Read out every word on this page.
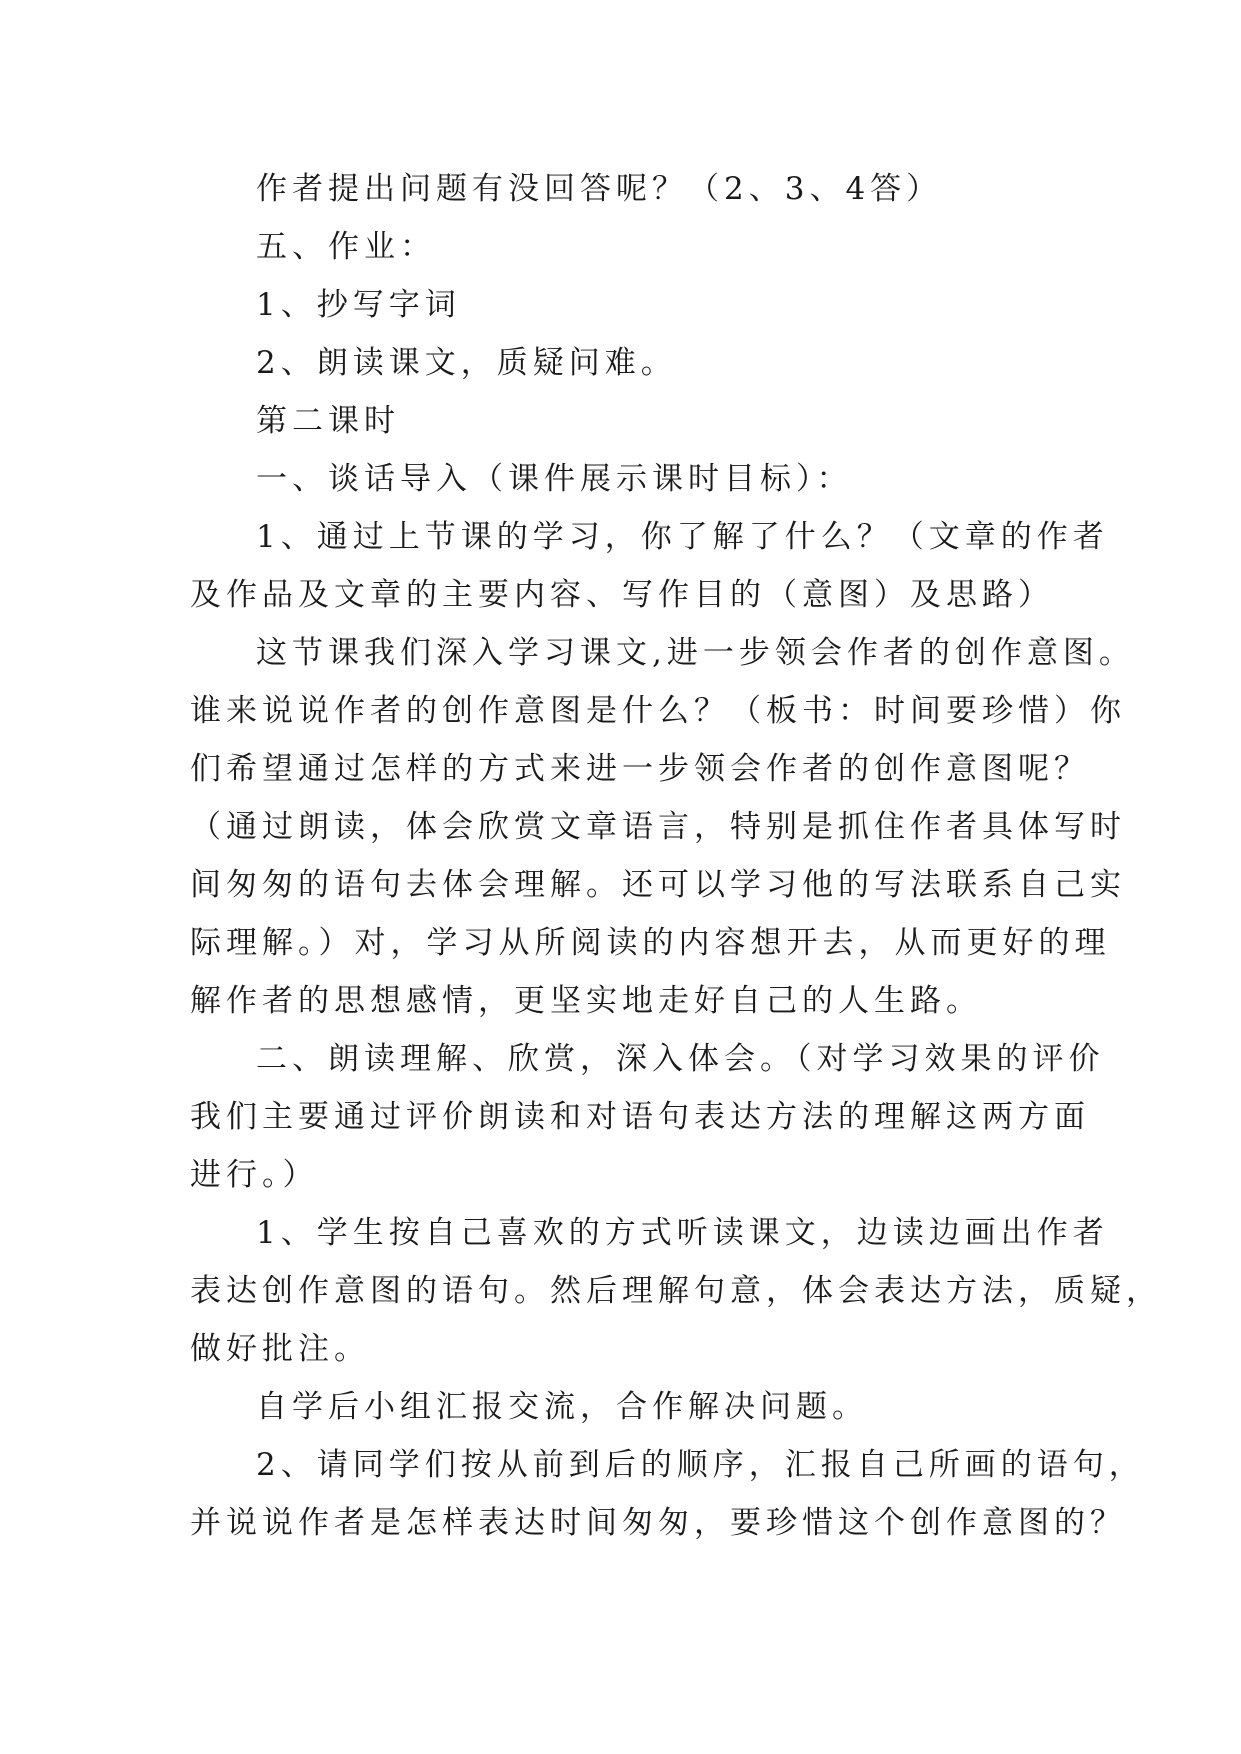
作者提出问题有没回答呢？（2、3、4答）
五、作业：
1、抄写字词
2、朗读课文，质疑问难。
第二课时
一、谈话导入（课件展示课时目标）：
1、通过上节课的学习，你了解了什么？（文章的作者
及作品及文章的主要内容、写作目的（意图）及思路）
这节课我们深入学习课文,进一步领会作者的创作意图。
谁来说说作者的创作意图是什么？（板书：时间要珍惜）你
们希望通过怎样的方式来进一步领会作者的创作意图呢？
（通过朗读，体会欣赏文章语言，特别是抓住作者具体写时
间匆匆的语句去体会理解。还可以学习他的写法联系自己实
际理解。）对，学习从所阅读的内容想开去，从而更好的理
解作者的思想感情，更坚实地走好自己的人生路。
二、朗读理解、欣赏，深入体会。（对学习效果的评价
我们主要通过评价朗读和对语句表达方法的理解这两方面
进行。）
1、学生按自己喜欢的方式听读课文，边读边画出作者
表达创作意图的语句。然后理解句意，体会表达方法，质疑，
做好批注。
自学后小组汇报交流，合作解决问题。
2、请同学们按从前到后的顺序，汇报自己所画的语句，
并说说作者是怎样表达时间匆匆，要珍惜这个创作意图的？
